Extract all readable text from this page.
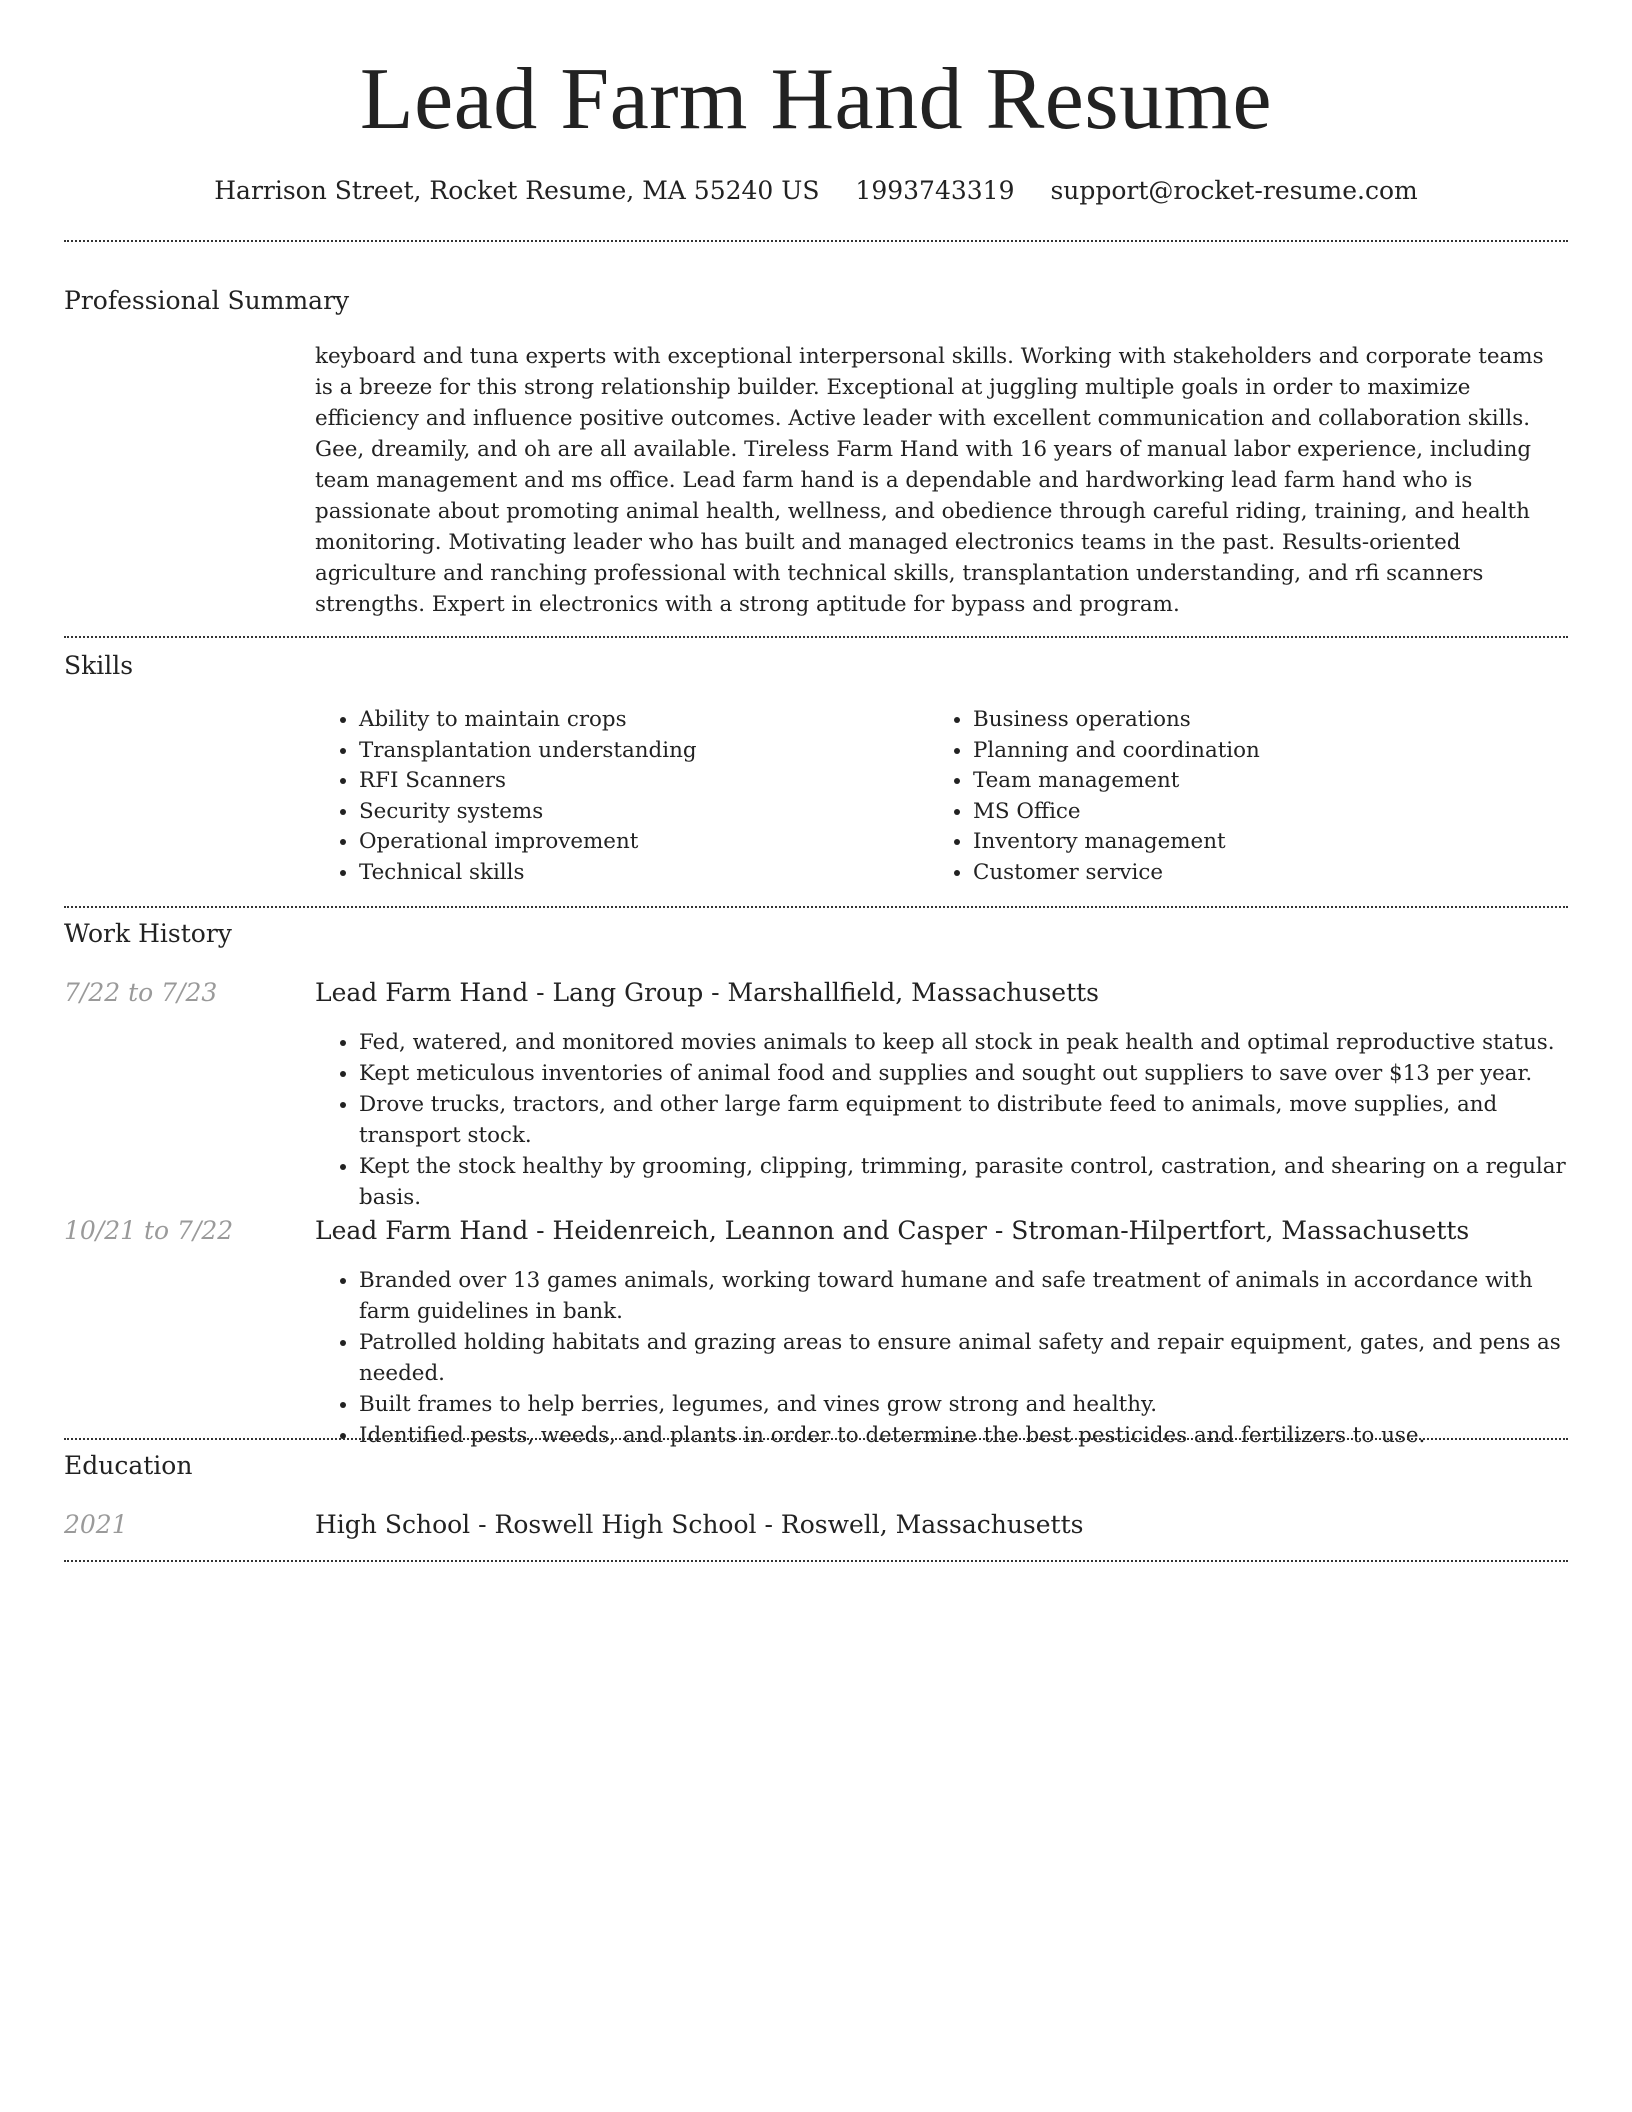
Lead Farm Hand Resume
Harrison Street, Rocket Resume, MA 55240 US 1993743319 support@rocket-resume.com
Professional Summary

keyboard and tuna experts with exceptional interpersonal skills. Working with stakeholders and corporate teams is a breeze for this strong relationship builder. Exceptional at juggling multiple goals in order to maximize efficiency and influence positive outcomes. Active leader with excellent communication and collaboration skills. Gee, dreamily, and oh are all available. Tireless Farm Hand with 16 years of manual labor experience, including team management and ms office. Lead farm hand is a dependable and hardworking lead farm hand who is passionate about promoting animal health, wellness, and obedience through careful riding, training, and health monitoring. Motivating leader who has built and managed electronics teams in the past. Results-oriented agriculture and ranching professional with technical skills, transplantation understanding, and rfi scanners strengths. Expert in electronics with a strong aptitude for bypass and program.

Skills
• Ability to maintain crops
• Transplantation understanding
• RFI Scanners
• Security systems
• Operational improvement
• Technical skills
• Business operations
• Planning and coordination
• Team management
• MS Office
• Inventory management
• Customer service
Work History
7/22 to 7/23	Lead Farm Hand - Lang Group - Marshallfield, Massachusetts
• Fed, watered, and monitored movies animals to keep all stock in peak health and optimal reproductive status.
• Kept meticulous inventories of animal food and supplies and sought out suppliers to save over $13 per year.
• Drove trucks, tractors, and other large farm equipment to distribute feed to animals, move supplies, and transport stock.
• Kept the stock healthy by grooming, clipping, trimming, parasite control, castration, and shearing on a regular basis.
10/21 to 7/22	Lead Farm Hand - Heidenreich, Leannon and Casper - Stroman-Hilpertfort, Massachusetts
• Branded over 13 games animals, working toward humane and safe treatment of animals in accordance with farm guidelines in bank.
• Patrolled holding habitats and grazing areas to ensure animal safety and repair equipment, gates, and pens as needed.
• Built frames to help berries, legumes, and vines grow strong and healthy.
• Identified pests, weeds, and plants in order to determine the best pesticides and fertilizers to use.
Education
2021	High School - Roswell High School - Roswell, Massachusetts
